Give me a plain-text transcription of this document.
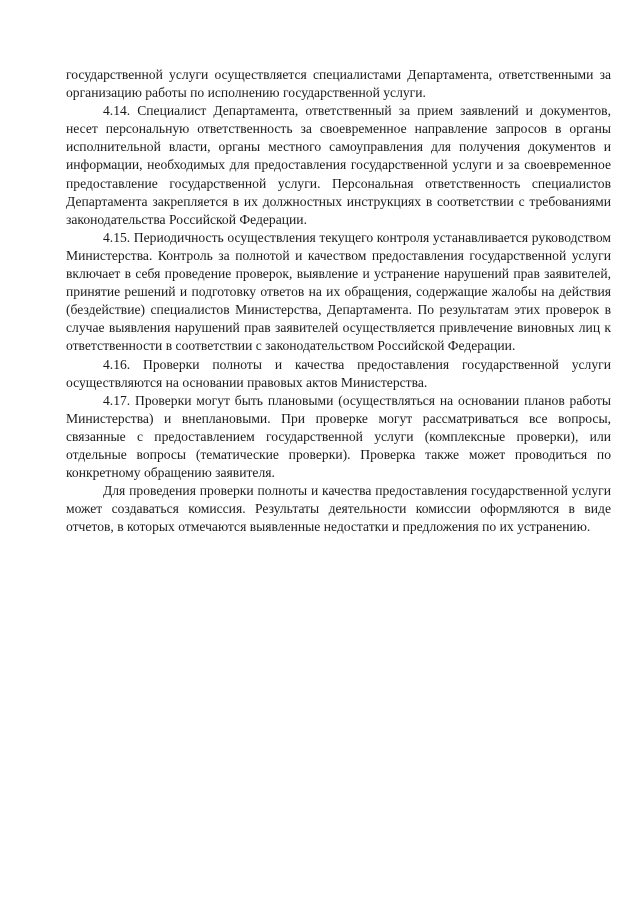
государственной услуги осуществляется специалистами Департамента, ответственными за организацию работы по исполнению государственной услуги.

4.14. Специалист Департамента, ответственный за прием заявлений и документов, несет персональную ответственность за своевременное направление запросов в органы исполнительной власти, органы местного самоуправления для получения документов и информации, необходимых для предоставления государственной услуги и за своевременное предоставление государственной услуги. Персональная ответственность специалистов Департамента закрепляется в их должностных инструкциях в соответствии с требованиями законодательства Российской Федерации.

4.15. Периодичность осуществления текущего контроля устанавливается руководством Министерства. Контроль за полнотой и качеством предоставления государственной услуги включает в себя проведение проверок, выявление и устранение нарушений прав заявителей, принятие решений и подготовку ответов на их обращения, содержащие жалобы на действия (бездействие) специалистов Министерства, Департамента. По результатам этих проверок в случае выявления нарушений прав заявителей осуществляется привлечение виновных лиц к ответственности в соответствии с законодательством Российской Федерации.

4.16. Проверки полноты и качества предоставления государственной услуги осуществляются на основании правовых актов Министерства.

4.17. Проверки могут быть плановыми (осуществляться на основании планов работы Министерства) и внеплановыми. При проверке могут рассматриваться все вопросы, связанные с предоставлением государственной услуги (комплексные проверки), или отдельные вопросы (тематические проверки). Проверка также может проводиться по конкретному обращению заявителя.

Для проведения проверки полноты и качества предоставления государственной услуги может создаваться комиссия. Результаты деятельности комиссии оформляются в виде отчетов, в которых отмечаются выявленные недостатки и предложения по их устранению.
